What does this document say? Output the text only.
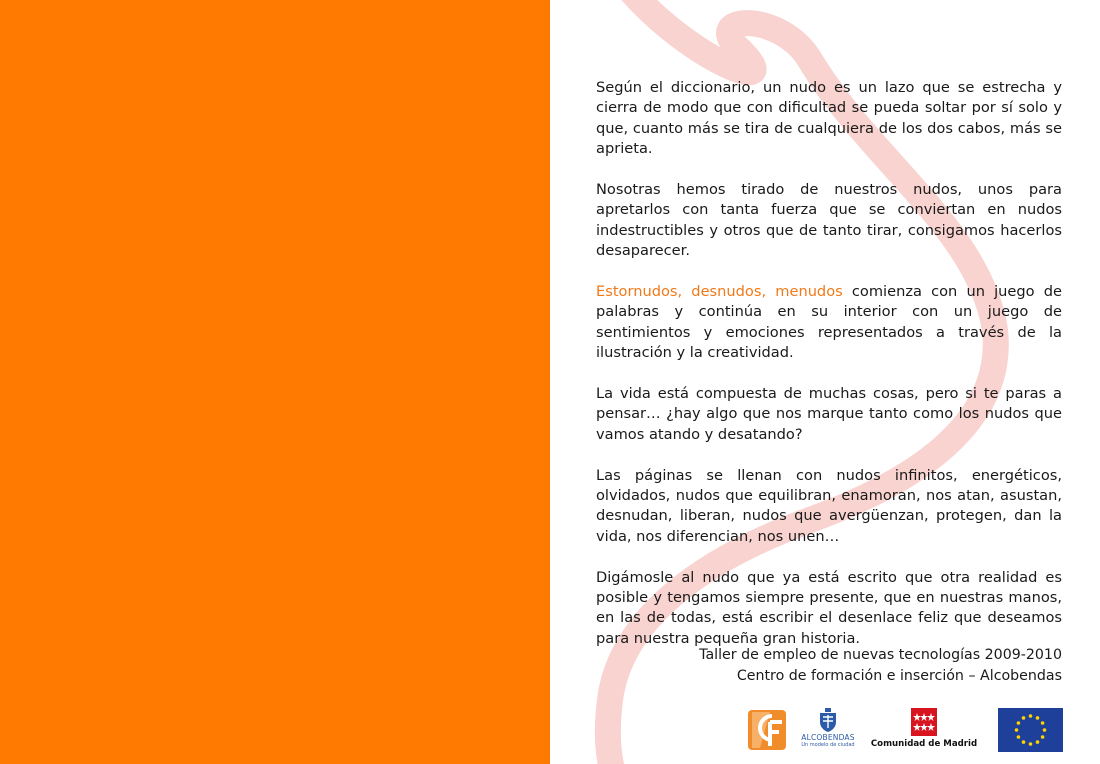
Según el diccionario, un nudo es un lazo que se estrecha y cierra de modo que con dificultad se pueda soltar por sí solo y que, cuanto más se tira de cualquiera de los dos cabos, más se aprieta.

Nosotras hemos tirado de nuestros nudos, unos para apretarlos con tanta fuerza que se conviertan en nudos indestructibles y otros que de tanto tirar, consigamos hacerlos desaparecer.

Estornudos, desnudos, menudos comienza con un juego de palabras y continúa en su interior con un juego de sentimientos y emociones representados a través de la ilustración y la creatividad.

La vida está compuesta de muchas cosas, pero si te paras a pensar… ¿hay algo que nos marque tanto como los nudos que vamos atando y desatando?

Las páginas se llenan con nudos infinitos, energéticos, olvidados, nudos que equilibran, enamoran, nos atan, asustan, desnudan, liberan, nudos que avergüenzan, protegen, dan la vida, nos diferencian, nos unen…

Digámosle al nudo que ya está escrito que otra realidad es posible y tengamos siempre presente, que en nuestras manos, en las de todas, está escribir el desenlace feliz que deseamos para nuestra pequeña gran historia.

Taller de empleo de nuevas tecnologías 2009-2010
Centro de formación e inserción – Alcobendas
ALCOBENDAS
Un modelo de ciudad	Comunidad de Madrid
